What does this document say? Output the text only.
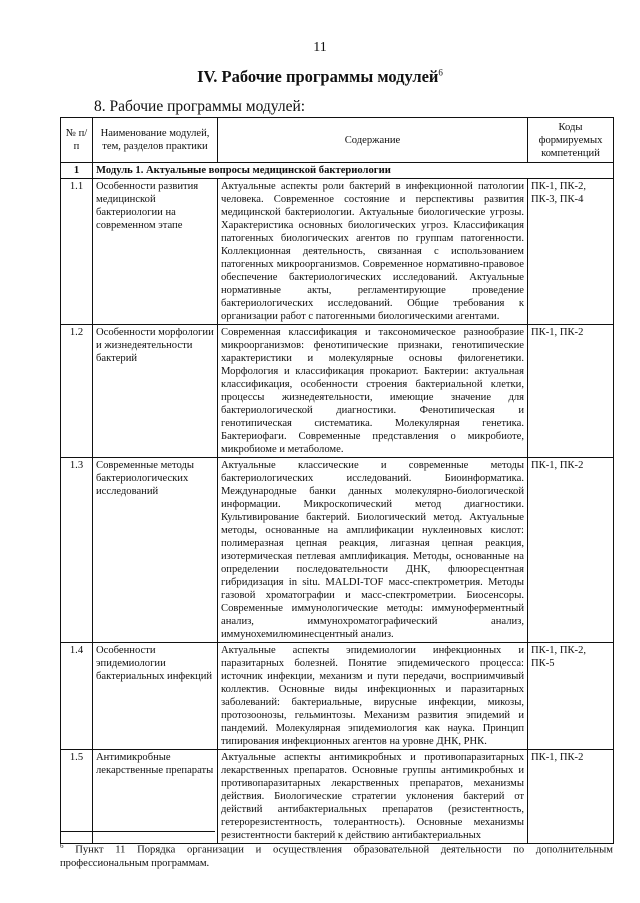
11
IV. Рабочие программы модулей$^6$
8. Рабочие программы модулей:
№ п/п	Наименование модулей, тем, разделов практики	Содержание	Коды формируемых компетенций
1	Модуль 1. Актуальные вопросы медицинской бактериологии		
1.1	Особенности развития медицинской бактериологии на современном этапе	Актуальные аспекты роли бактерий в инфекционной патологии человека. Современное состояние и перспективы развития медицинской бактериологии. Актуальные биологические угрозы. Характеристика основных биологических угроз. Классификация патогенных биологических агентов по группам патогенности. Коллекционная деятельность, связанная с использованием патогенных микроорганизмов. Современное нормативно-правовое обеспечение бактериологических исследований. Актуальные нормативные акты, регламентирующие проведение бактериологических исследований. Общие требования к организации работ с патогенными биологическими агентами.	ПК-1, ПК-2, ПК-3, ПК-4
1.2	Особенности морфологии и жизнедеятельности бактерий	Современная классификация и таксономическое разнообразие микроорганизмов: фенотипические признаки, генотипические характеристики и молекулярные основы филогенетики. Морфология и классификация прокариот. Бактерии: актуальная классификация, особенности строения бактериальной клетки, процессы жизнедеятельности, имеющие значение для бактериологической диагностики. Фенотипическая и генотипическая систематика. Молекулярная генетика. Бактериофаги. Современные представления о микробиоте, микробиоме и метаболоме.	ПК-1, ПК-2
1.3	Современные методы бактериологических исследований	Актуальные классические и современные методы бактериологических исследований. Биоинформатика. Международные банки данных молекулярно-биологической информации. Микроскопический метод диагностики. Культивирование бактерий. Биологический метод. Актуальные методы, основанные на амплификации нуклеиновых кислот: полимеразная цепная реакция, лигазная цепная реакция, изотермическая петлевая амплификация. Методы, основанные на определении последовательности ДНК, флюоресцентная гибридизация in situ. MALDI-TOF масс-спектрометрия. Методы газовой хроматографии и масс-спектрометрии. Биосенсоры. Современные иммунологические методы: иммуноферментный анализ, иммунохроматографический анализ, иммунохемилюминесцентный анализ.	ПК-1, ПК-2
1.4	Особенности эпидемиологии бактериальных инфекций	Актуальные аспекты эпидемиологии инфекционных и паразитарных болезней. Понятие эпидемического процесса: источник инфекции, механизм и пути передачи, восприимчивый коллектив. Основные виды инфекционных и паразитарных заболеваний: бактериальные, вирусные инфекции, микозы, протозоонозы, гельминтозы. Механизм развития эпидемий и пандемий. Молекулярная эпидемиология как наука. Принцип типирования инфекционных агентов на уровне ДНК, РНК.	ПК-1, ПК-2, ПК-5
1.5	Антимикробные лекарственные препараты	Актуальные аспекты антимикробных и противопаразитарных лекарственных препаратов. Основные группы антимикробных и противопаразитарных лекарственных препаратов, механизмы действия. Биологические стратегии уклонения бактерий от действий антибактериальных препаратов (резистентность, гетерорезистентность, толерантность). Основные механизмы резистентности бактерий к действию антибактериальных	ПК-1, ПК-2
$^6$ Пункт 11 Порядка организации и осуществления образовательной деятельности по дополнительным профессиональным программам.
